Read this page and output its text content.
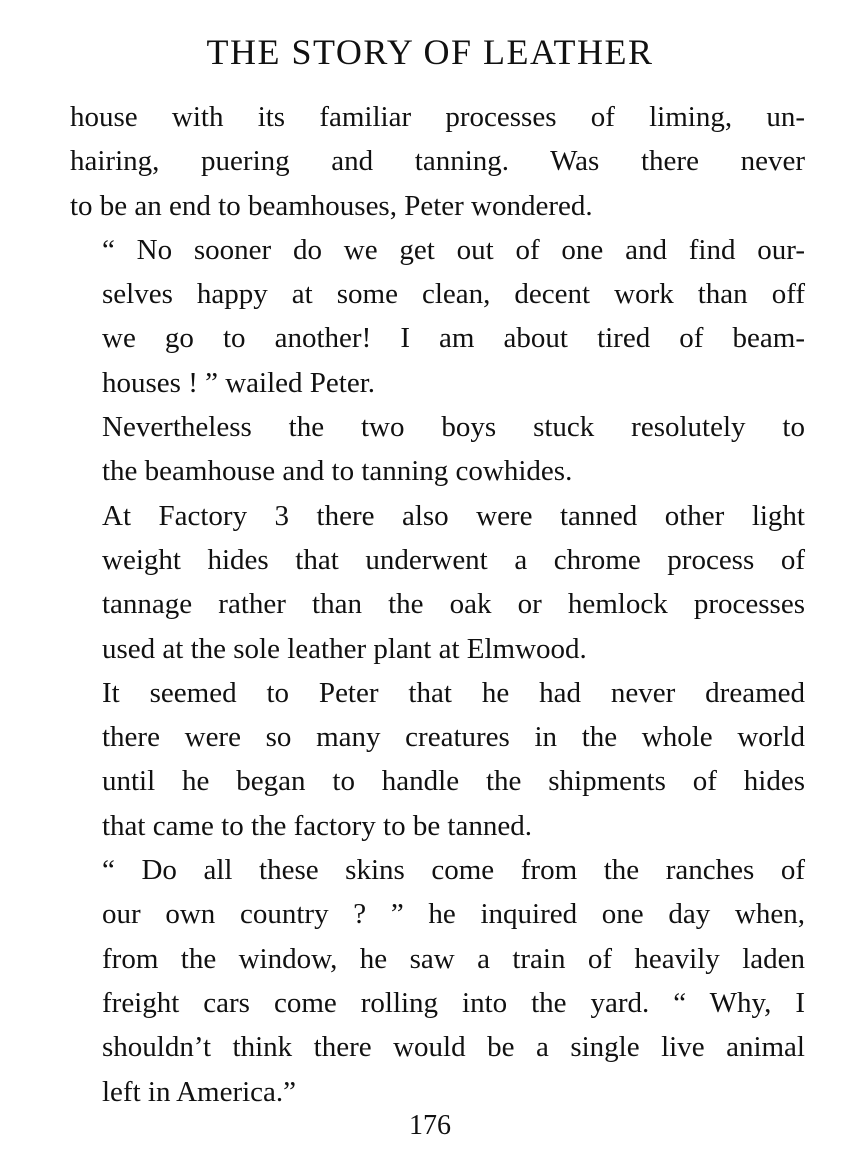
THE STORY OF LEATHER

house with its familiar processes of liming, un-
hairing, puering and tanning. Was there never
to be an end to beamhouses, Peter wondered.

“ No sooner do we get out of one and find our-
selves happy at some clean, decent work than off
we go to another! I am about tired of beam-
houses ! ” wailed Peter.

Nevertheless the two boys stuck resolutely to
the beamhouse and to tanning cowhides.

At Factory 3 there also were tanned other light
weight hides that underwent a chrome process of
tannage rather than the oak or hemlock processes
used at the sole leather plant at Elmwood.

It seemed to Peter that he had never dreamed
there were so many creatures in the whole world
until he began to handle the shipments of hides
that came to the factory to be tanned.

“ Do all these skins come from the ranches of
our own country ? ” he inquired one day when,
from the window, he saw a train of heavily laden
freight cars come rolling into the yard. “ Why, I
shouldn’t think there would be a single live animal
left in America.”

176
